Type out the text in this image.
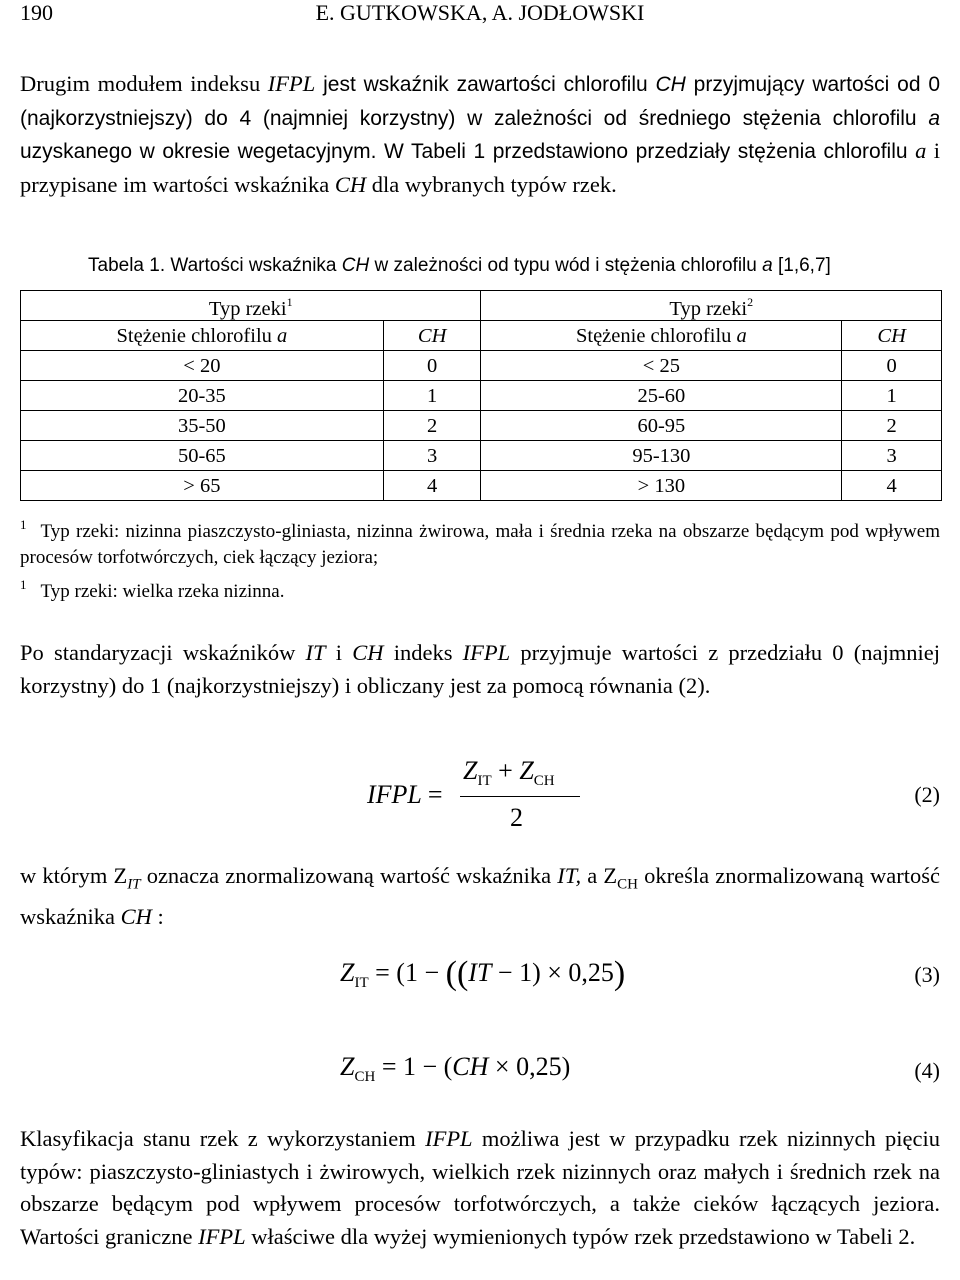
190	E. GUTKOWSKA, A. JODŁOWSKI
Drugim modułem indeksu IFPL jest wskaźnik zawartości chlorofilu CH przyjmujący wartości od 0 (najkorzystniejszy) do 4 (najmniej korzystny) w zależności od średniego stężenia chlorofilu a uzyskanego w okresie wegetacyjnym. W Tabeli 1 przedstawiono przedziały stężenia chlorofilu a i przypisane im wartości wskaźnika CH dla wybranych typów rzek.
Tabela 1. Wartości wskaźnika CH w zależności od typu wód i stężenia chlorofilu a [1,6,7]
Typ rzeki$^1$		Typ rzeki$^2$
Stężenie chlorofilu a	CH	Stężenie chlorofilu a	CH
< 20	0	< 25	0
20-35	1	25-60	1
35-50	2	60-95	2
50-65	3	95-130	3
> 65	4	> 130	4
$^1$ Typ rzeki: nizinna piaszczysto-gliniasta, nizinna żwirowa, mała i średnia rzeka na obszarze będącym pod wpływem procesów torfotwórczych, ciek łączący jeziora;
$^1$ Typ rzeki: wielka rzeka nizinna.
Po standaryzacji wskaźników IT i CH indeks IFPL przyjmuje wartości z przedziału 0 (najmniej korzystny) do 1 (najkorzystniejszy) i obliczany jest za pomocą równania (2).
IFPL =
$Z_{IT} + Z_{CH}$
2
(2)
w którym $Z_{IT}$ oznacza znormalizowaną wartość wskaźnika IT, a $Z_{CH}$ określa znormalizowaną wartość wskaźnika CH :
$Z_{IT} = (1 - ((IT - 1) \times 0,25)$	(3)
$Z_{CH} = 1 - (CH \times 0,25)$	(4)
Klasyfikacja stanu rzek z wykorzystaniem IFPL możliwa jest w przypadku rzek nizinnych pięciu typów: piaszczysto-gliniastych i żwirowych, wielkich rzek nizinnych oraz małych i średnich rzek na obszarze będącym pod wpływem procesów torfotwórczych, a także cieków łączących jeziora. Wartości graniczne IFPL właściwe dla wyżej wymienionych typów rzek przedstawiono w Tabeli 2.
